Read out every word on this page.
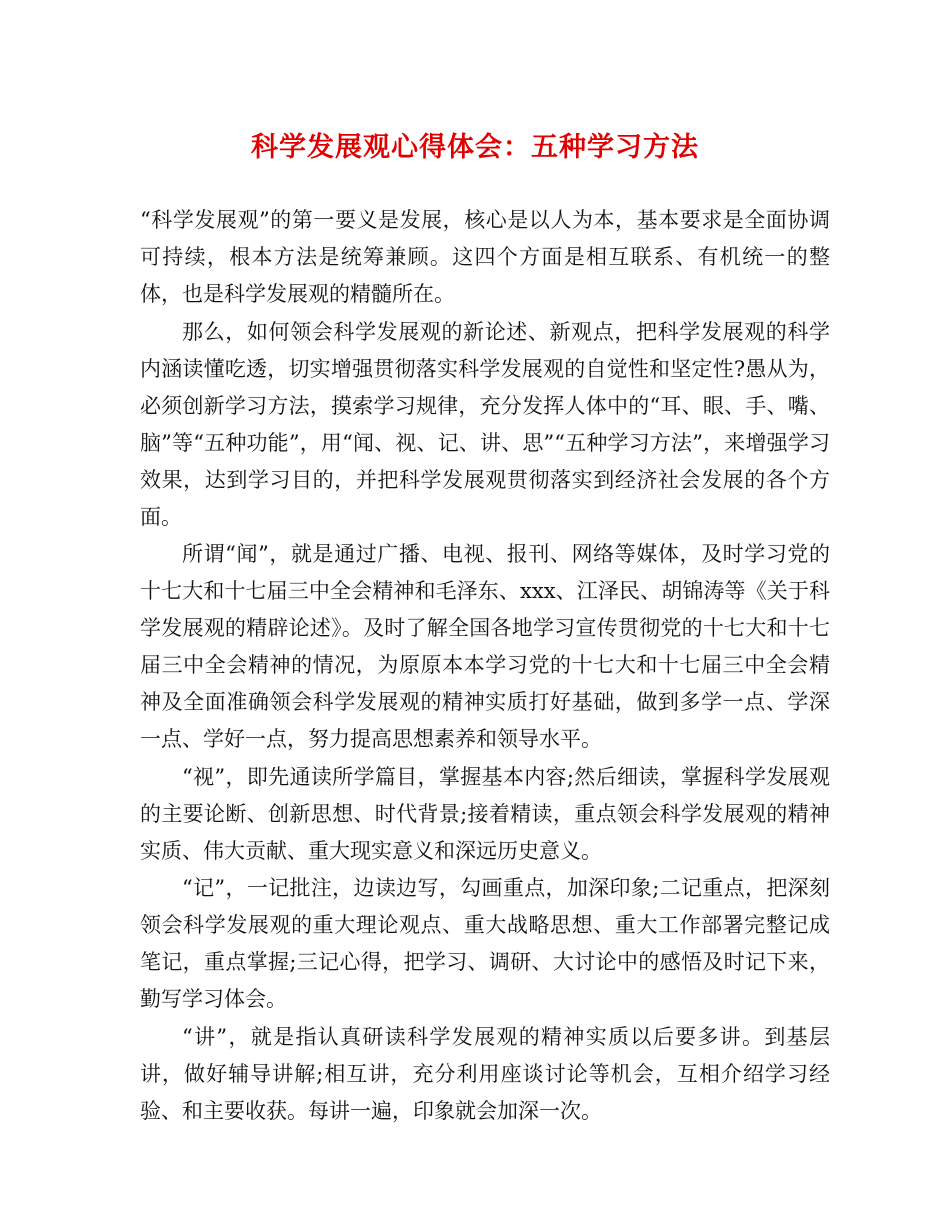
科学发展观心得体会：五种学习方法

“科学发展观”的第一要义是发展，核心是以人为本，基本要求是全面协调可持续，根本方法是统筹兼顾。这四个方面是相互联系、有机统一的整体，也是科学发展观的精髓所在。

那么，如何领会科学发展观的新论述、新观点，把科学发展观的科学内涵读懂吃透，切实增强贯彻落实科学发展观的自觉性和坚定性?愚从为，必须创新学习方法，摸索学习规律，充分发挥人体中的“耳、眼、手、嘴、脑”等“五种功能”，用“闻、视、记、讲、思”“五种学习方法”，来增强学习效果，达到学习目的，并把科学发展观贯彻落实到经济社会发展的各个方面。

所谓“闻”，就是通过广播、电视、报刊、网络等媒体，及时学习党的十七大和十七届三中全会精神和毛泽东、xxx、江泽民、胡锦涛等《关于科学发展观的精辟论述》。及时了解全国各地学习宣传贯彻党的十七大和十七届三中全会精神的情况，为原原本本学习党的十七大和十七届三中全会精神及全面准确领会科学发展观的精神实质打好基础，做到多学一点、学深一点、学好一点，努力提高思想素养和领导水平。

“视”，即先通读所学篇目，掌握基本内容;然后细读，掌握科学发展观的主要论断、创新思想、时代背景;接着精读，重点领会科学发展观的精神实质、伟大贡献、重大现实意义和深远历史意义。

“记”，一记批注，边读边写，勾画重点，加深印象;二记重点，把深刻领会科学发展观的重大理论观点、重大战略思想、重大工作部署完整记成笔记，重点掌握;三记心得，把学习、调研、大讨论中的感悟及时记下来，勤写学习体会。

“讲”，就是指认真研读科学发展观的精神实质以后要多讲。到基层讲，做好辅导讲解;相互讲，充分利用座谈讨论等机会，互相介绍学习经验、和主要收获。每讲一遍，印象就会加深一次。
